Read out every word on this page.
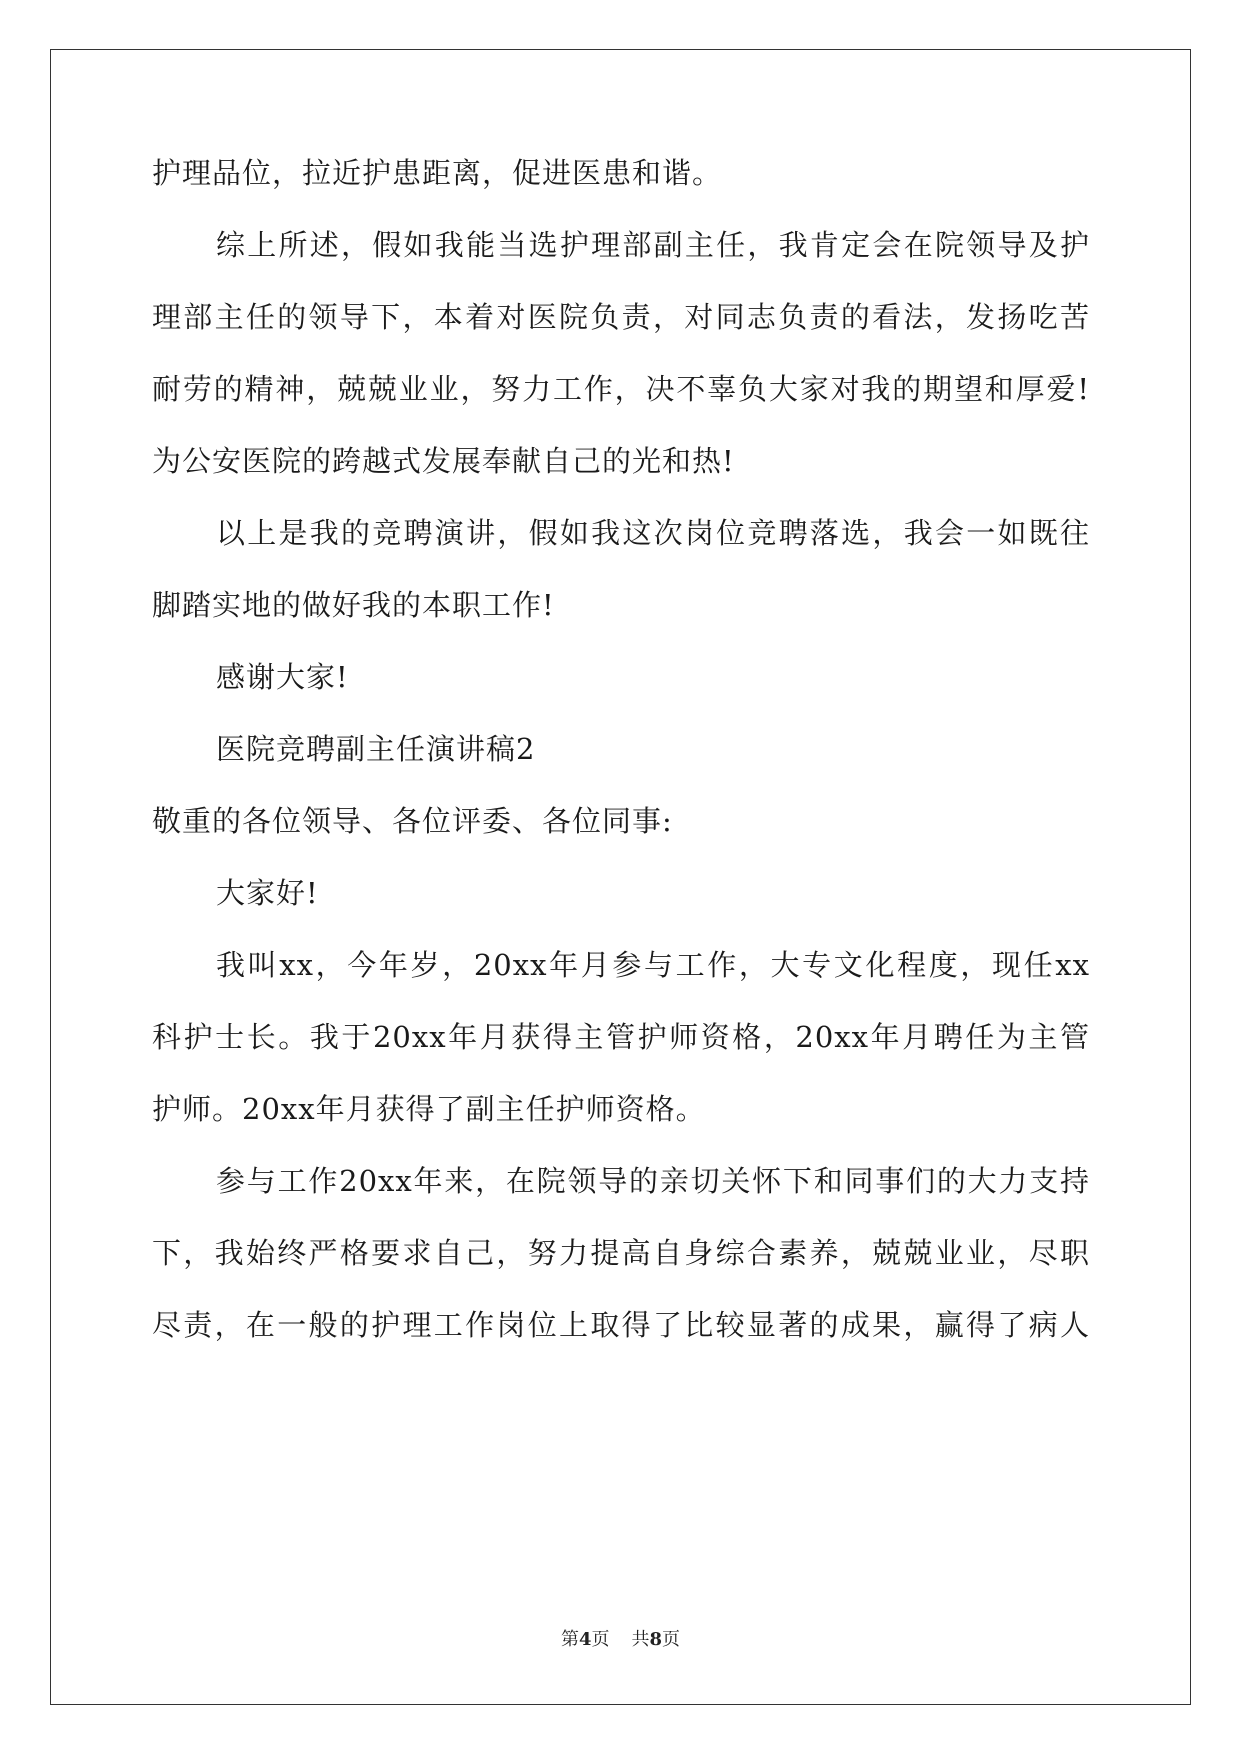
护理品位，拉近护患距离，促进医患和谐。
综上所述，假如我能当选护理部副主任，我肯定会在院领导及护
理部主任的领导下，本着对医院负责，对同志负责的看法，发扬吃苦
耐劳的精神，兢兢业业，努力工作，决不辜负大家对我的期望和厚爱!
为公安医院的跨越式发展奉献自己的光和热!
以上是我的竞聘演讲，假如我这次岗位竞聘落选，我会一如既往
脚踏实地的做好我的本职工作!
感谢大家!
医院竞聘副主任演讲稿2
敬重的各位领导、各位评委、各位同事:
大家好!
我叫xx，今年岁，20xx年月参与工作，大专文化程度，现任xx
科护士长。我于20xx年月获得主管护师资格，20xx年月聘任为主管
护师。20xx年月获得了副主任护师资格。
参与工作20xx年来，在院领导的亲切关怀下和同事们的大力支持
下，我始终严格要求自己，努力提高自身综合素养，兢兢业业，尽职
尽责，在一般的护理工作岗位上取得了比较显著的成果，赢得了病人
第4页 共8页
